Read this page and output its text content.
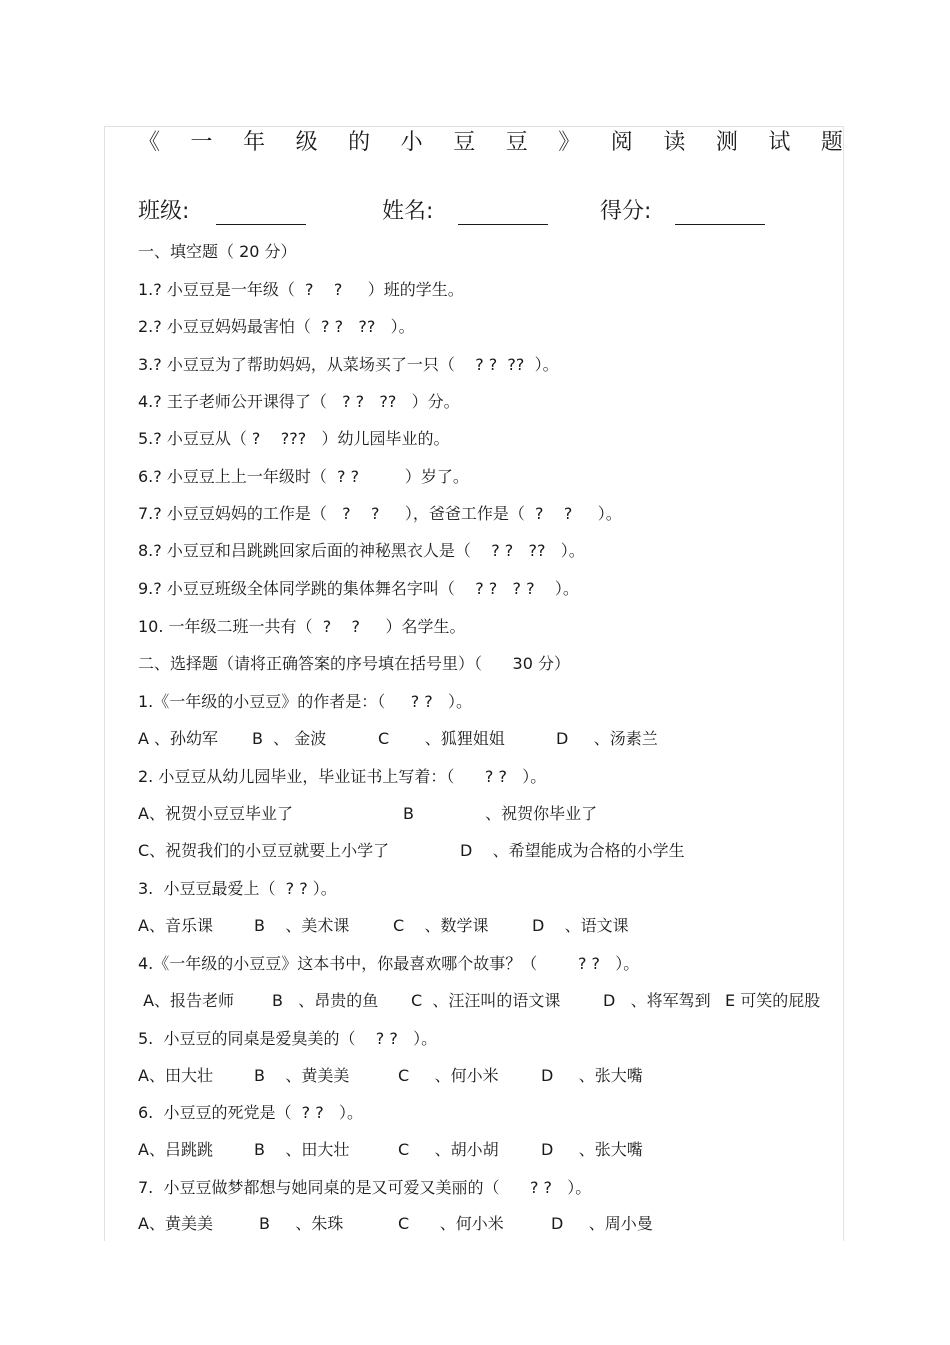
《 一 年 级 的 小 豆 豆 》 阅 读 测 试 题
班级:	姓名:	得分:
一、填空题（ 20 分）
1.? 小豆豆是一年级（  ?    ?     ）班的学生。
2.? 小豆豆妈妈最害怕（  ? ?   ??   ）。
3.? 小豆豆为了帮助妈妈，从菜场买了一只（    ? ?  ??  ）。
4.? 王子老师公开课得了（   ? ?   ??   ）分。
5.? 小豆豆从（ ?    ???   ）幼儿园毕业的。
6.? 小豆豆上上一年级时（  ? ?         ）岁了。
7.? 小豆豆妈妈的工作是（   ?    ?     ），爸爸工作是（  ?    ?     ）。
8.? 小豆豆和吕跳跳回家后面的神秘黑衣人是（    ? ?   ??   ）。
9.? 小豆豆班级全体同学跳的集体舞名字叫（    ? ?   ? ?    ）。
10. 一年级二班一共有（  ?    ?     ）名学生。
二、选择题（请将正确答案的序号填在括号里）（      30 分）
1.《一年级的小豆豆》的作者是：（     ? ?   ）。
A 、孙幼军 B  、 金波	C       、狐狸姐姐	D     、汤素兰
2. 小豆豆从幼儿园毕业，毕业证书上写着：（      ? ?   ）。
A、祝贺小豆豆毕业了	B              、祝贺你毕业了
C、祝贺我们的小豆豆就要上小学了	D    、希望能成为合格的小学生
3.  小豆豆最爱上（  ? ? ）。
A、音乐课	B    、美术课	C    、数学课	D    、语文课
4.《一年级的小豆豆》这本书中，你最喜欢哪个故事？（        ? ?   ）。
A、报告老师 B   、昂贵的鱼 C  、汪汪叫的语文课	D   、将军驾到 E 可笑的屁股
5.  小豆豆的同桌是爱臭美的（    ? ?   ）。
A、田大壮	B    、黄美美	C     、何小米	D     、张大嘴
6.  小豆豆的死党是（  ? ?   ）。
A、吕跳跳	B    、田大壮	C     、胡小胡	D     、张大嘴
7.  小豆豆做梦都想与她同桌的是又可爱又美丽的（      ? ?   ）。
A、黄美美	B     、朱珠	C      、何小米	D     、周小曼
